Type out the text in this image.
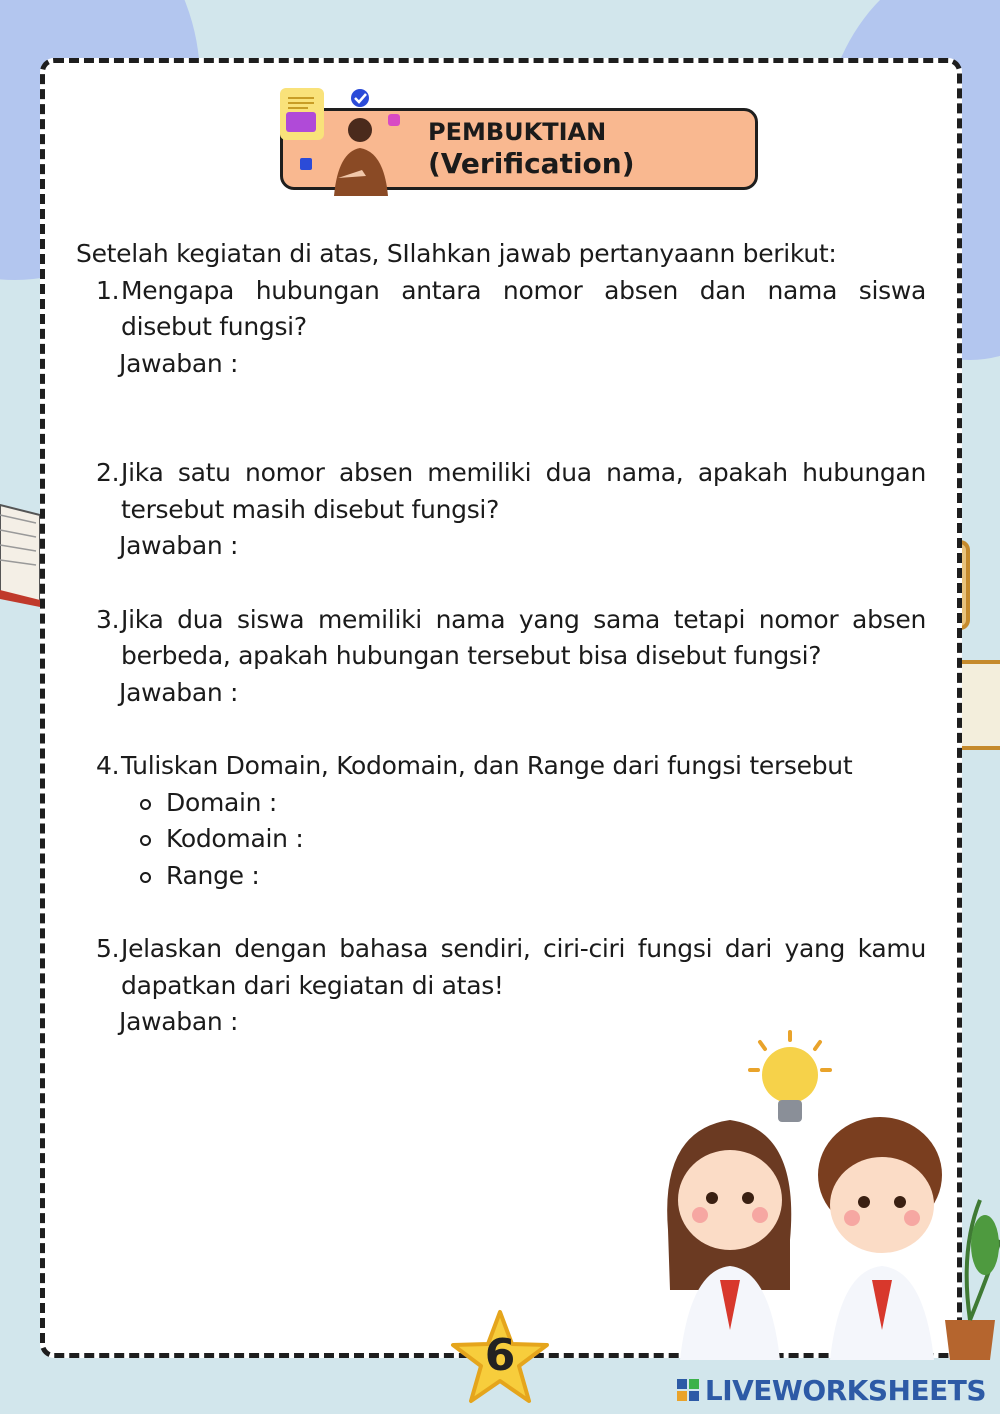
PEMBUKTIAN
(Verification)
Setelah kegiatan di atas, SIlahkan jawab pertanyaann berikut:
1. Mengapa hubungan antara nomor absen dan nama siswa disebut fungsi?
Jawaban :
2. Jika satu nomor absen memiliki dua nama, apakah hubungan tersebut masih disebut fungsi?
Jawaban :
3. Jika dua siswa memiliki nama yang sama tetapi nomor absen berbeda, apakah hubungan tersebut bisa disebut fungsi?
Jawaban :
4. Tuliskan Domain, Kodomain, dan Range dari fungsi tersebut
Domain :
Kodomain :
Range :
5. Jelaskan dengan bahasa sendiri, ciri-ciri fungsi dari yang kamu dapatkan dari kegiatan di atas!
Jawaban :
6
LIVEWORKSHEETS
